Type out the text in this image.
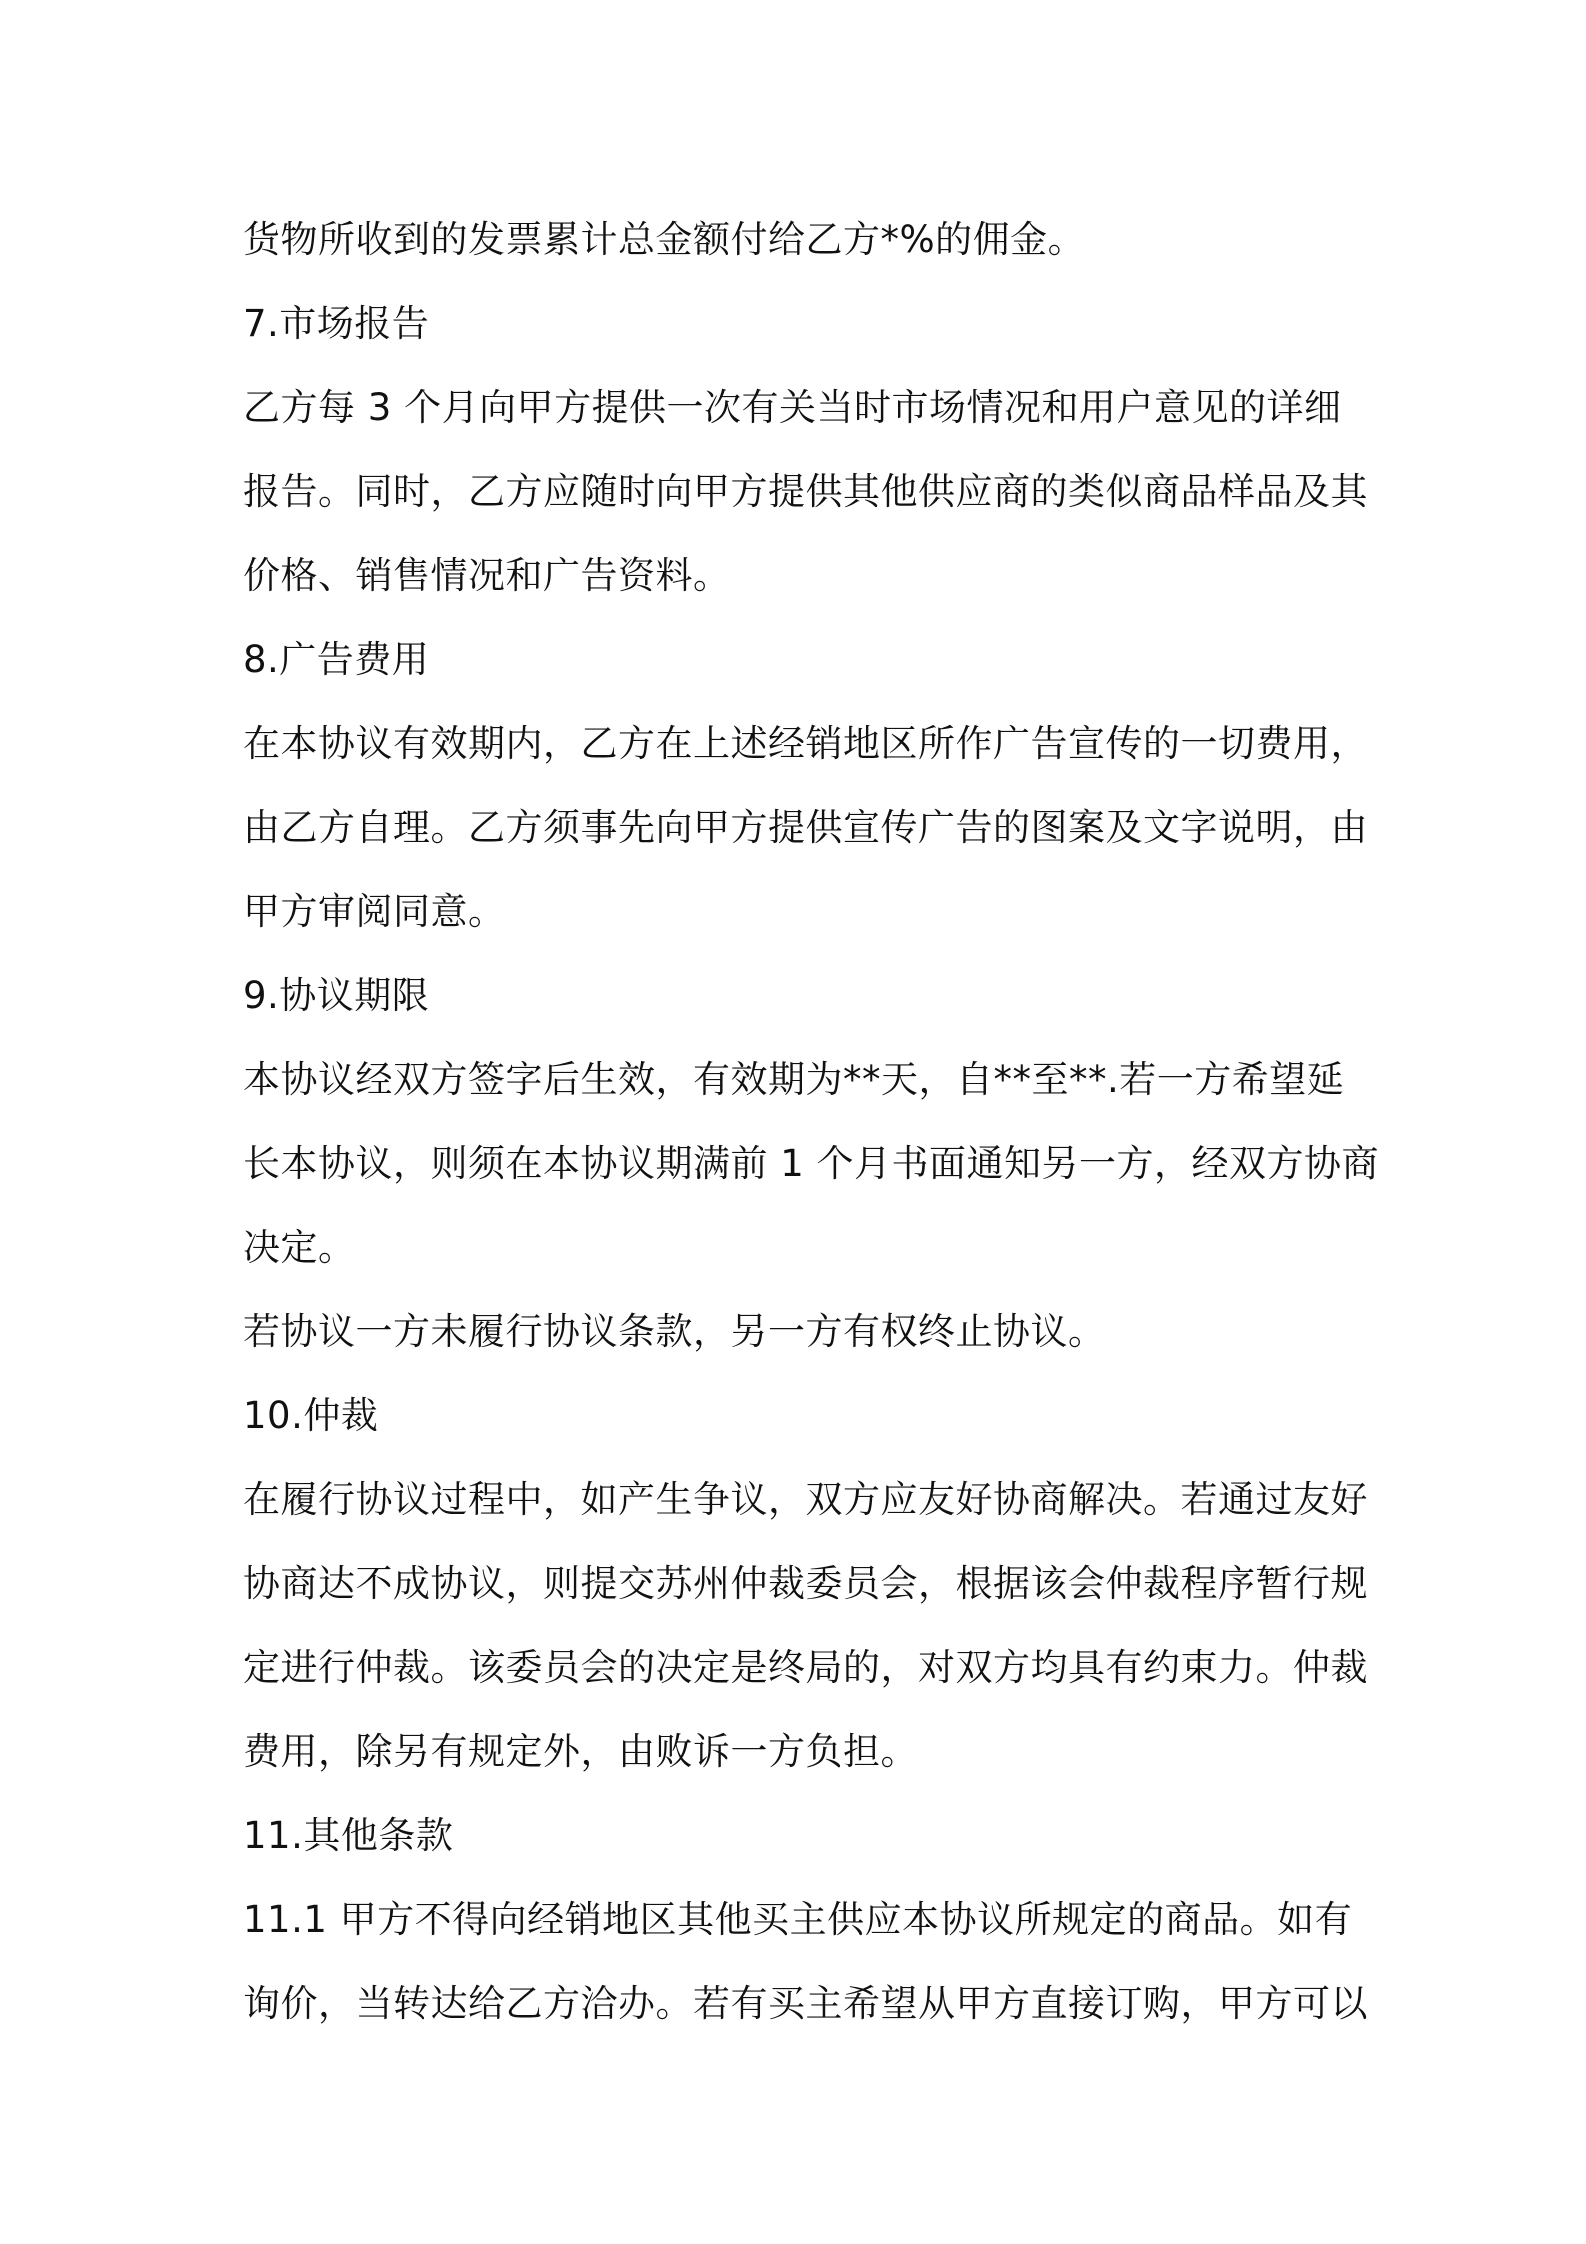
货物所收到的发票累计总金额付给乙方*%的佣金。
7.市场报告
乙方每 3 个月向甲方提供一次有关当时市场情况和用户意见的详细
报告。同时，乙方应随时向甲方提供其他供应商的类似商品样品及其
价格、销售情况和广告资料。
8.广告费用
在本协议有效期内，乙方在上述经销地区所作广告宣传的一切费用，
由乙方自理。乙方须事先向甲方提供宣传广告的图案及文字说明，由
甲方审阅同意。
9.协议期限
本协议经双方签字后生效，有效期为**天，自**至**.若一方希望延
长本协议，则须在本协议期满前 1 个月书面通知另一方，经双方协商
决定。
若协议一方未履行协议条款，另一方有权终止协议。
10.仲裁
在履行协议过程中，如产生争议，双方应友好协商解决。若通过友好
协商达不成协议，则提交苏州仲裁委员会，根据该会仲裁程序暂行规
定进行仲裁。该委员会的决定是终局的，对双方均具有约束力。仲裁
费用，除另有规定外，由败诉一方负担。
11.其他条款
11.1 甲方不得向经销地区其他买主供应本协议所规定的商品。如有
询价，当转达给乙方洽办。若有买主希望从甲方直接订购，甲方可以
